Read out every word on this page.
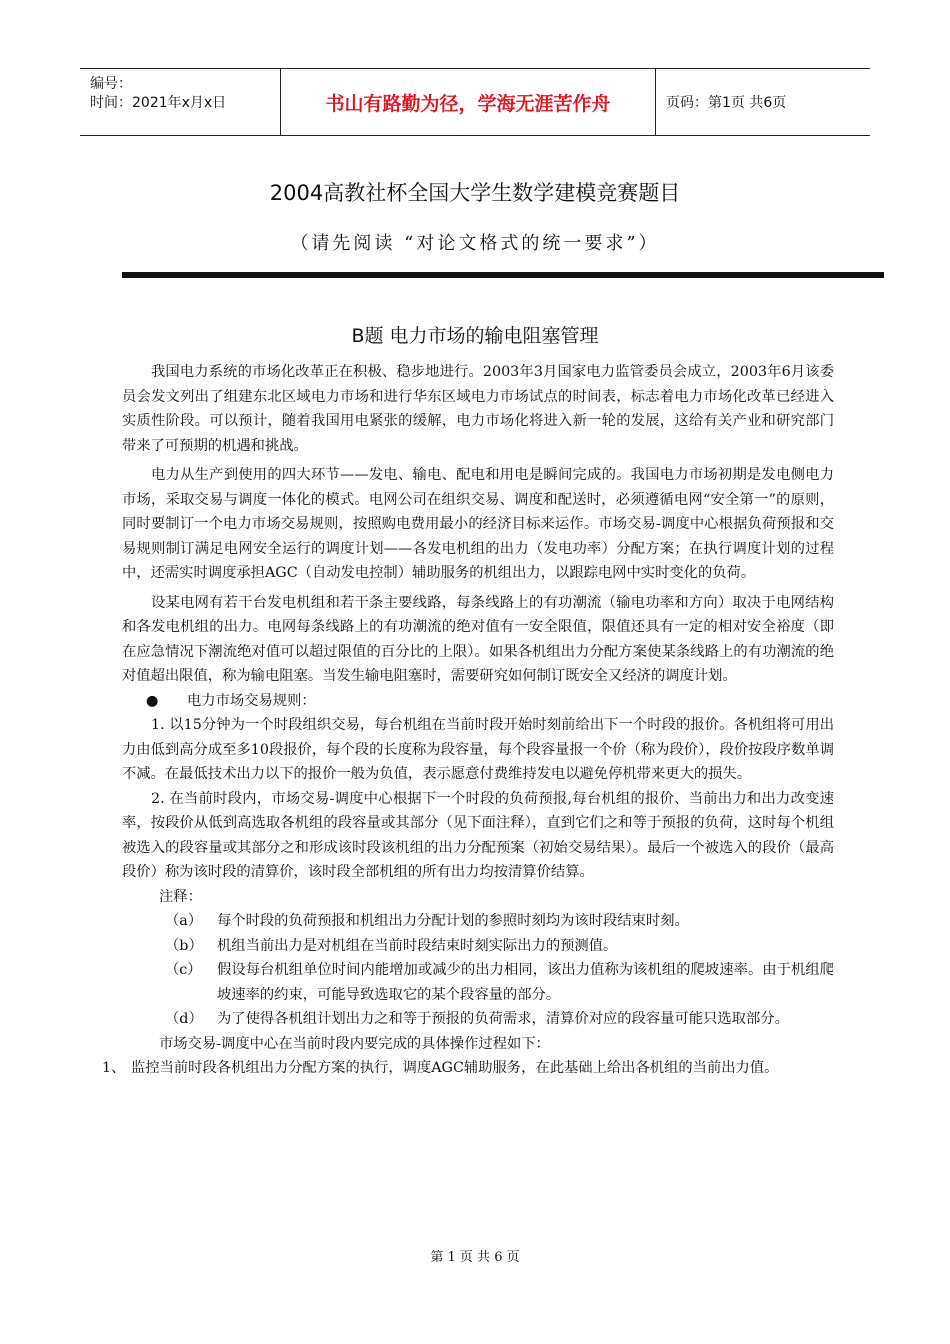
编号：
时间：2021年x月x日	书山有路勤为径，学海无涯苦作舟	页码：第1页 共6页
2004高教社杯全国大学生数学建模竞赛题目
（请先阅读 “对论文格式的统一要求”）
B题 电力市场的输电阻塞管理

我国电力系统的市场化改革正在积极、稳步地进行。2003年3月国家电力监管委员会成立，2003年6月该委员会发文列出了组建东北区域电力市场和进行华东区域电力市场试点的时间表，标志着电力市场化改革已经进入实质性阶段。可以预计，随着我国用电紧张的缓解，电力市场化将进入新一轮的发展，这给有关产业和研究部门带来了可预期的机遇和挑战。

电力从生产到使用的四大环节——发电、输电、配电和用电是瞬间完成的。我国电力市场初期是发电侧电力市场，采取交易与调度一体化的模式。电网公司在组织交易、调度和配送时，必须遵循电网“安全第一”的原则，同时要制订一个电力市场交易规则，按照购电费用最小的经济目标来运作。市场交易-调度中心根据负荷预报和交易规则制订满足电网安全运行的调度计划——各发电机组的出力（发电功率）分配方案；在执行调度计划的过程中，还需实时调度承担AGC（自动发电控制）辅助服务的机组出力，以跟踪电网中实时变化的负荷。

设某电网有若干台发电机组和若干条主要线路，每条线路上的有功潮流（输电功率和方向）取决于电网结构和各发电机组的出力。电网每条线路上的有功潮流的绝对值有一安全限值，限值还具有一定的相对安全裕度（即在应急情况下潮流绝对值可以超过限值的百分比的上限）。如果各机组出力分配方案使某条线路上的有功潮流的绝对值超出限值，称为输电阻塞。当发生输电阻塞时，需要研究如何制订既安全又经济的调度计划。

● 电力市场交易规则：

1. 以15分钟为一个时段组织交易，每台机组在当前时段开始时刻前给出下一个时段的报价。各机组将可用出力由低到高分成至多10段报价，每个段的长度称为段容量，每个段容量报一个价（称为段价），段价按段序数单调不减。在最低技术出力以下的报价一般为负值，表示愿意付费维持发电以避免停机带来更大的损失。

2. 在当前时段内，市场交易-调度中心根据下一个时段的负荷预报,每台机组的报价、当前出力和出力改变速率，按段价从低到高选取各机组的段容量或其部分（见下面注释），直到它们之和等于预报的负荷，这时每个机组被选入的段容量或其部分之和形成该时段该机组的出力分配预案（初始交易结果）。最后一个被选入的段价（最高段价）称为该时段的清算价，该时段全部机组的所有出力均按清算价结算。

注释：

（a）	每个时段的负荷预报和机组出力分配计划的参照时刻均为该时段结束时刻。
（b） 机组当前出力是对机组在当前时段结束时刻实际出力的预测值。
（c）	假设每台机组单位时间内能增加或减少的出力相同，该出力值称为该机组的爬坡速率。由于机组爬坡速率的约束，可能导致选取它的某个段容量的部分。
（d） 为了使得各机组计划出力之和等于预报的负荷需求，清算价对应的段容量可能只选取部分。

市场交易-调度中心在当前时段内要完成的具体操作过程如下：

1、 监控当前时段各机组出力分配方案的执行，调度AGC辅助服务，在此基础上给出各机组的当前出力值。
第 1 页 共 6 页
